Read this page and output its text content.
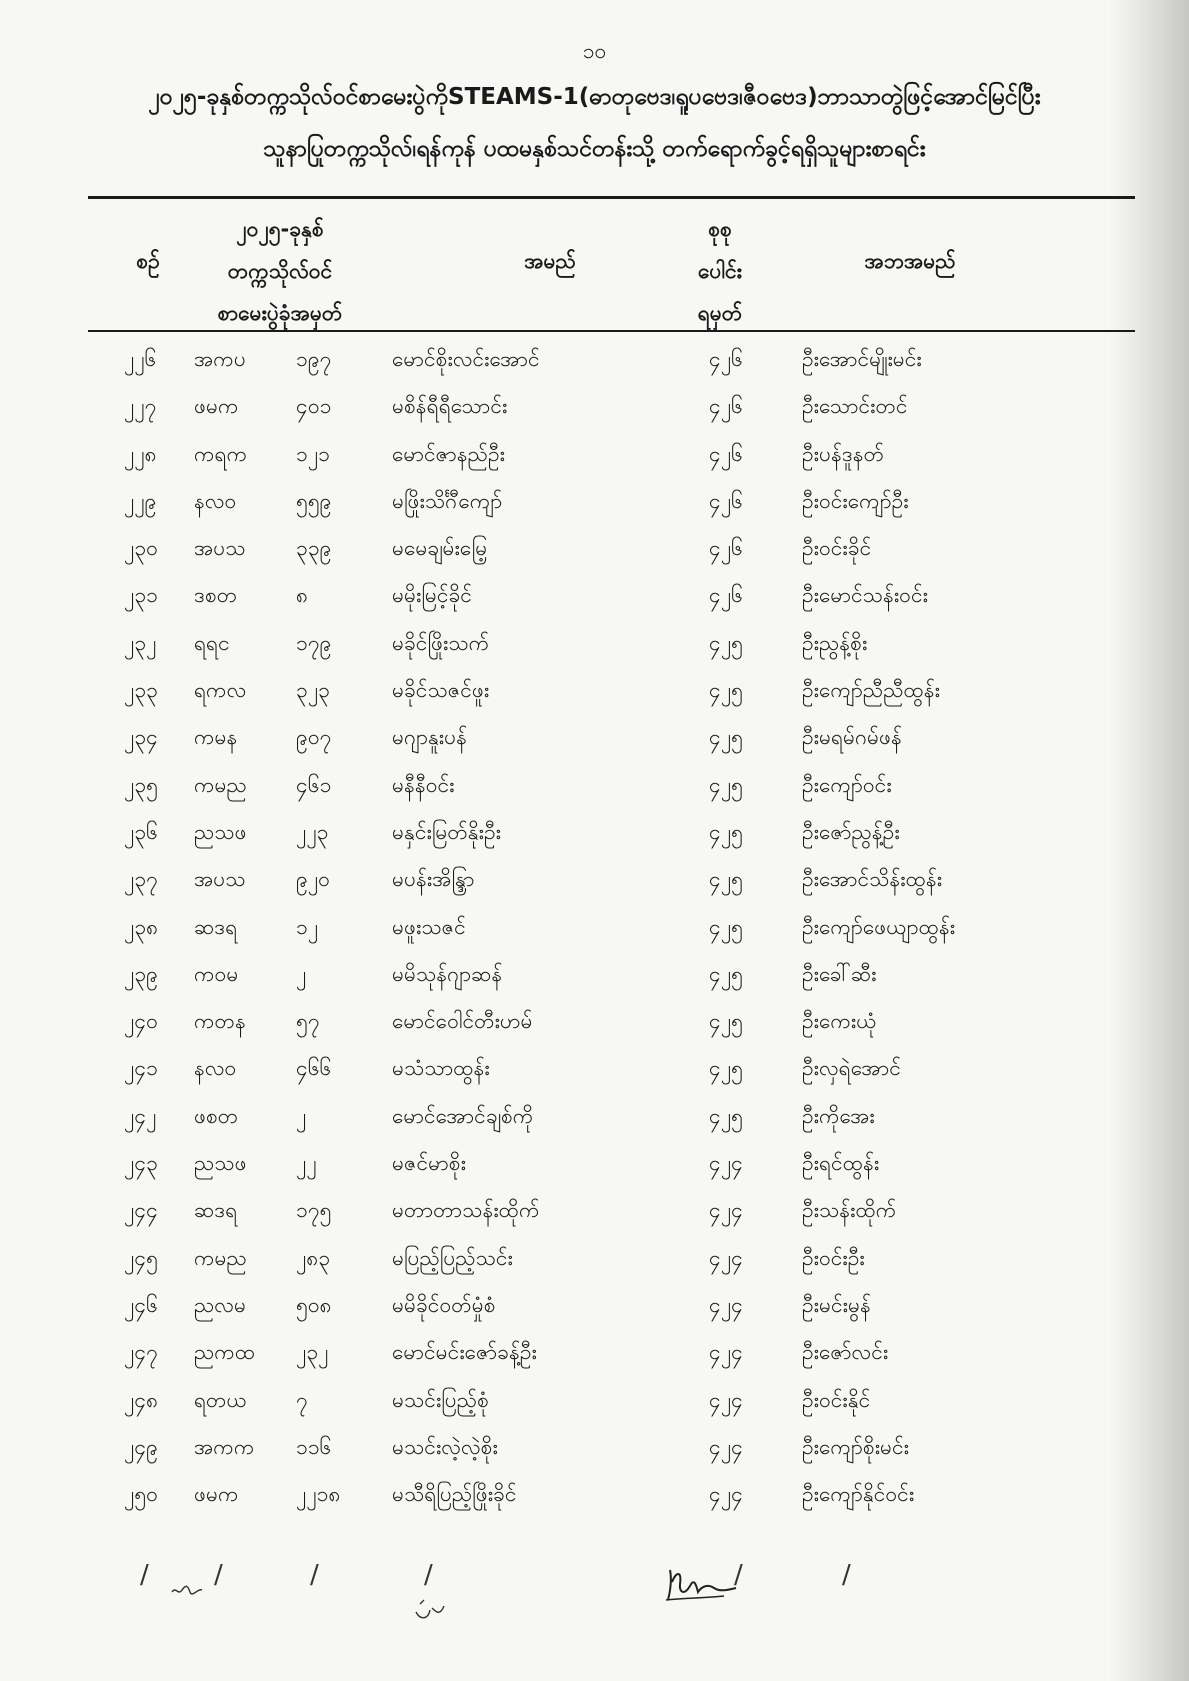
၁၀
၂၀၂၅-ခုနှစ်တက္ကသိုလ်ဝင်စာမေးပွဲကိုSTEAMS-1(ဓာတုဗေဒ၊ရူပဗေဒ၊ဇီဝဗေဒ)ဘာသာတွဲဖြင့်အောင်မြင်ပြီး
သူနာပြုတက္ကသိုလ်၊ရန်ကုန် ပထမနှစ်သင်တန်းသို့ တက်ရောက်ခွင့်ရရှိသူများစာရင်း
စဉ်
၂၀၂၅-ခုနှစ်
တက္ကသိုလ်ဝင်
စာမေးပွဲခုံအမှတ်
အမည်
စုစု
ပေါင်း
ရမှတ်
အဘအမည်
၂၂၆ အကပ ၁၉၇	မောင်စိုးလင်းအောင်	၄၂၆	ဦးအောင်မျိုးမင်း
၂၂၇ ဖမက	၄၀၁	မစိန်ရီရီသောင်း	၄၂၆	ဦးသောင်းတင်
၂၂၈ ကရက ၁၂၁	မောင်ဇာနည်ဦး	၄၂၆	ဦးပန်ဒူနတ်
၂၂၉ နလဝ	၅၅၉	မဖြိုးသိင်္ဂီကျော်	၄၂၆	ဦးဝင်းကျော်ဦး
၂၃၀ အပသ ၃၃၉	မမေချမ်းမြေ့	၄၂၆	ဦးဝင်းခိုင်
၂၃၁ ဒစတ	၈	မမိုးမြင့်ခိုင်	၄၂၆	ဦးမောင်သန်းဝင်း
၂၃၂ ရရင	၁၇၉	မခိုင်ဖြိုးသက်	၄၂၅	ဦးညွန့်စိုး
၂၃၃ ရကလ ၃၂၃	မခိုင်သဇင်ဖူး	၄၂၅	ဦးကျော်ညီညီထွန်း
၂၃၄ ကမန	၉၀၇	မဂျာနူးပန်	၄၂၅	ဦးမရမ်ဂမ်ဖန်
၂၃၅ ကမည ၄၆၁	မနီနီဝင်း	၄၂၅	ဦးကျော်ဝင်း
၂၃၆ ညသဖ ၂၂၃	မနှင်းမြတ်နိုးဦး	၄၂၅	ဦးဇော်ညွန့်ဦး
၂၃၇ အပသ ၉၂၀	မပန်းအိန္ဒြာ	၄၂၅	ဦးအောင်သိန်းထွန်း
၂၃၈ ဆဒရ	၁၂	မဖူးသဇင်	၄၂၅	ဦးကျော်ဖေယျာထွန်း
၂၃၉ ကဝမ	၂	မမိသုန်ဂျာဆန်	၄၂၅	ဦးခေါ်ဆီး
၂၄၀ ကတန ၅၇	မောင်ဝေါင်တီးဟမ်	၄၂၅	ဦးကေးယုံ
၂၄၁ နလဝ	၄၆၆	မသံသာထွန်း	၄၂၅	ဦးလှရဲအောင်
၂၄၂ ဖစတ	၂	မောင်အောင်ချစ်ကို	၄၂၅	ဦးကိုအေး
၂၄၃ ညသဖ ၂၂	မဇင်မာစိုး	၄၂၄	ဦးရင်ထွန်း
၂၄၄ ဆဒရ	၁၇၅	မတာတာသန်းထိုက်	၄၂၄	ဦးသန်းထိုက်
၂၄၅ ကမည ၂၈၃	မပြည့်ပြည့်သင်း	၄၂၄	ဦးဝင်းဦး
၂၄၆ ညလမ ၅၀၈	မမိခိုင်ဝတ်မှုံစံ	၄၂၄	ဦးမင်းမွန်
၂၄၇ ညကထ ၂၃၂	မောင်မင်းဇော်ခန့်ဦး	၄၂၄	ဦးဇော်လင်း
၂၄၈ ရတယ ၇	မသင်းပြည့်စုံ	၄၂၄	ဦးဝင်းနိုင်
၂၄၉ အကက ၁၁၆	မသင်းလဲ့လဲ့စိုး	၄၂၄	ဦးကျော်စိုးမင်း
၂၅၀ ဖမက	၂၂၁၈ မသီရိပြည့်ဖြိုးခိုင်	၄၂၄	ဦးကျော်နိုင်ဝင်း
/	/	/	/	/	/
